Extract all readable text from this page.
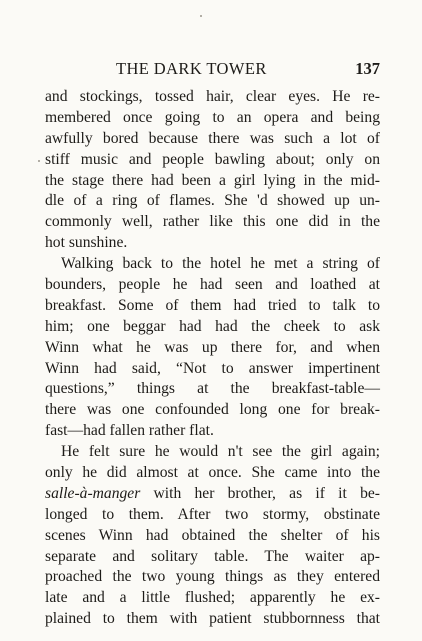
THE DARK TOWER	137
and stockings, tossed hair, clear eyes. He re-
membered once going to an opera and being
awfully bored because there was such a lot of
stiff music and people bawling about; only on
the stage there had been a girl lying in the mid-
dle of a ring of flames. She 'd showed up un-
commonly well, rather like this one did in the
hot sunshine.
Walking back to the hotel he met a string of
bounders, people he had seen and loathed at
breakfast. Some of them had tried to talk to
him; one beggar had had the cheek to ask
Winn what he was up there for, and when
Winn had said, “Not to answer impertinent
questions,” things at the breakfast-table—
there was one confounded long one for break-
fast—had fallen rather flat.
He felt sure he would n't see the girl again;
only he did almost at once. She came into the
salle-à-manger with her brother, as if it be-
longed to them. After two stormy, obstinate
scenes Winn had obtained the shelter of his
separate and solitary table. The waiter ap-
proached the two young things as they entered
late and a little flushed; apparently he ex-
plained to them with patient stubbornness that
